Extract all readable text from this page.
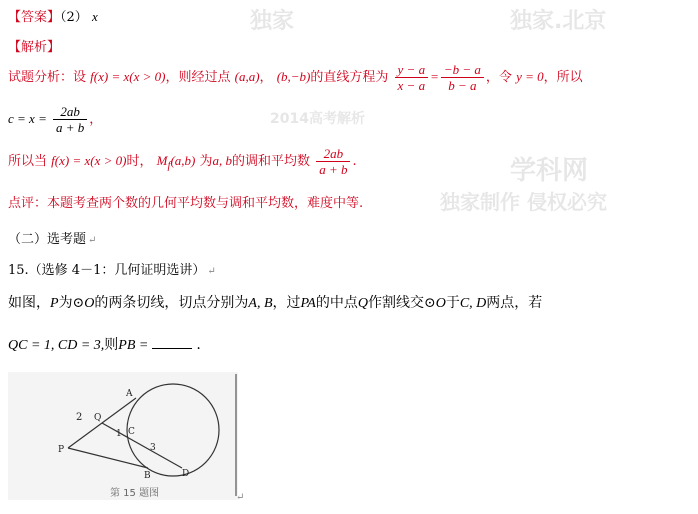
独家	独家.北京
学科网
2014高考解析
独家制作 侵权必究
【答案】（2） x
【解析】
试题分析：设 f(x) = x(x > 0)，则经过点 (a,a)， (b,−b)的直线方程为 $\frac{y - a}{x - a} = \frac{-b - a}{b - a}$ ，令 y = 0，所以
$c = x = \frac{2ab}{a + b}$ ，
所以当 f(x) = x(x > 0)时， $M_f(a,b)$ 为a, b的调和平均数 $\frac{2ab}{a + b}$ .
点评：本题考查两个数的几何平均数与调和平均数，难度中等.
（二）选考题 ↵
15.（选修 4－1：几何证明选讲） ↵
如图，P为⊙O的两条切线，切点分别为A, B，过PA的中点Q作割线交⊙O于C, D两点，若
QC = 1, CD = 3,则PB =	.
A
Q
C
D
P
B
1
3
2
第 15 题图	↵
